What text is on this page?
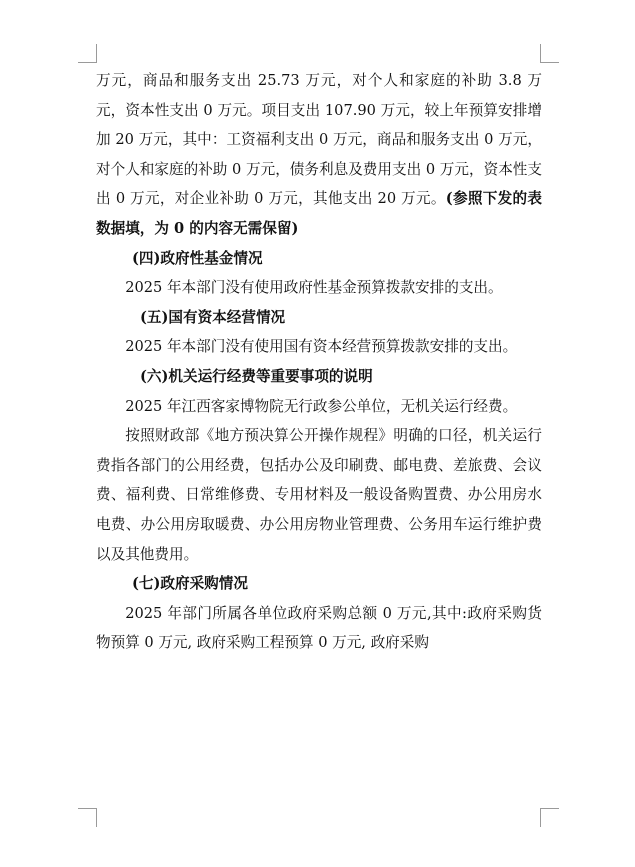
万元，商品和服务支出 25.73 万元，对个人和家庭的补助 3.8 万元，资本性支出 0 万元。项目支出 107.90 万元，较上年预算安排增加 20 万元，其中：工资福利支出 0 万元，商品和服务支出 0 万元，对个人和家庭的补助 0 万元，债务利息及费用支出 0 万元，资本性支出 0 万元，对企业补助 0 万元，其他支出 20 万元。(参照下发的表数据填，为 0 的内容无需保留)

(四)政府性基金情况

2025 年本部门没有使用政府性基金预算拨款安排的支出。

(五)国有资本经营情况

2025 年本部门没有使用国有资本经营预算拨款安排的支出。

(六)机关运行经费等重要事项的说明

2025 年江西客家博物院无行政参公单位，无机关运行经费。

按照财政部《地方预决算公开操作规程》明确的口径，机关运行费指各部门的公用经费，包括办公及印刷费、邮电费、差旅费、会议费、福利费、日常维修费、专用材料及一般设备购置费、办公用房水电费、办公用房取暖费、办公用房物业管理费、公务用车运行维护费以及其他费用。

(七)政府采购情况

2025 年部门所属各单位政府采购总额 0 万元,其中:政府采购货物预算 0 万元, 政府采购工程预算 0 万元, 政府采购
